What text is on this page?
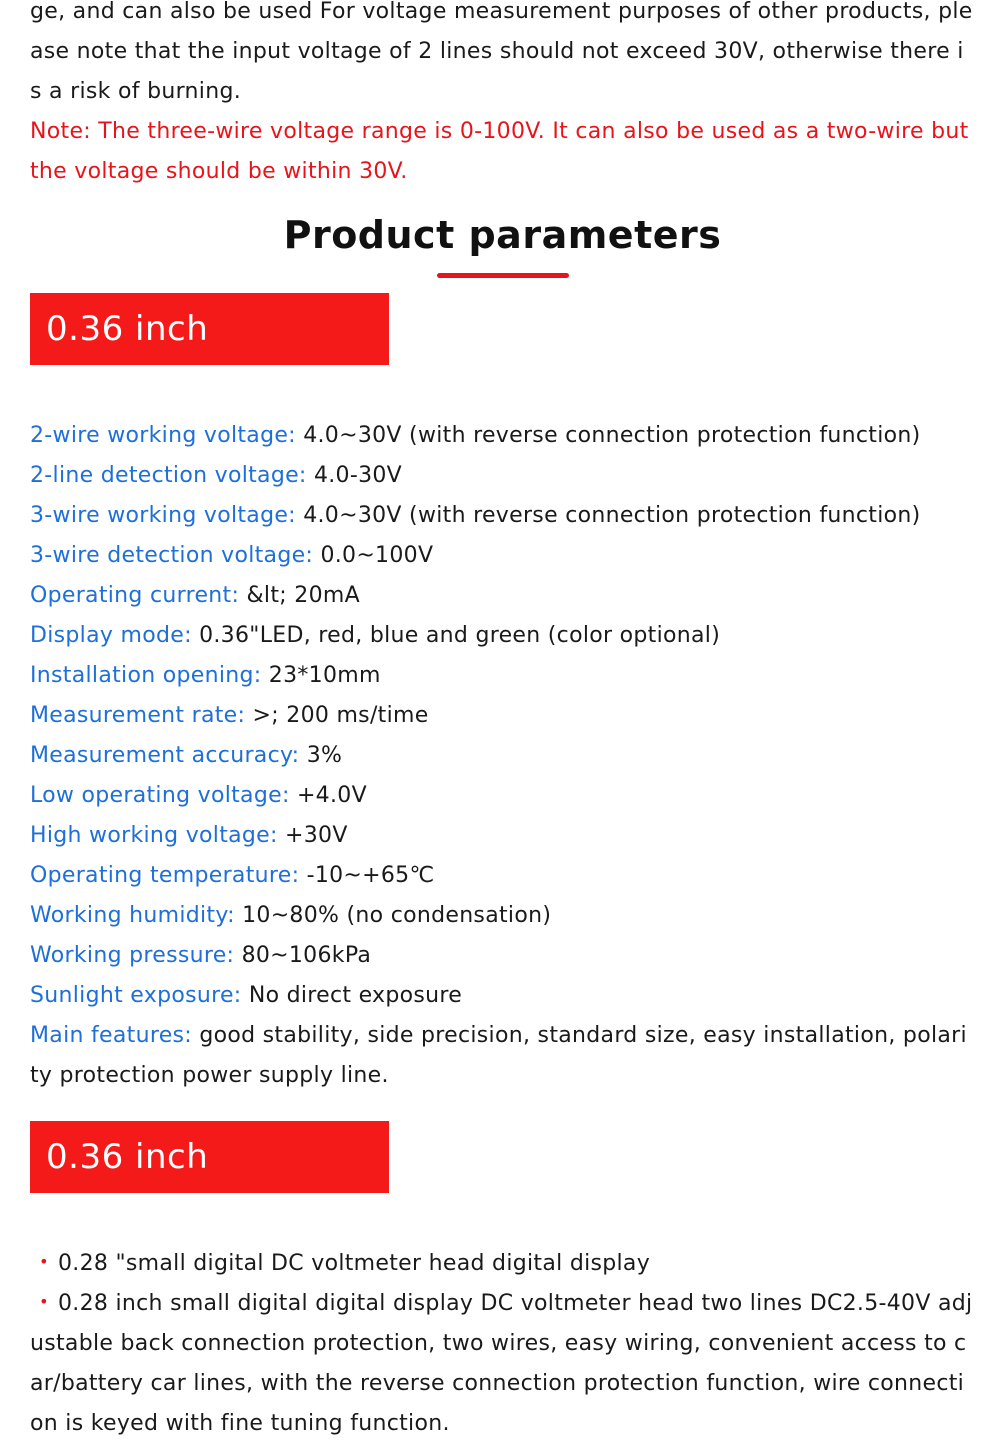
ge, and can also be used For voltage measurement purposes of other products, please note that the input voltage of 2 lines should not exceed 30V, otherwise there is a risk of burning.

Note: The three-wire voltage range is 0-100V. It can also be used as a two-wire but the voltage should be within 30V.

Product parameters
0.36 inch voltmeter
2-wire working voltage: 4.0~30V (with reverse connection protection function)
2-line detection voltage: 4.0-30V
3-wire working voltage: 4.0~30V (with reverse connection protection function)
3-wire detection voltage: 0.0~100V
Operating current: &lt; 20mA
Display mode: 0.36"LED, red, blue and green (color optional)
Installation opening: 23*10mm
Measurement rate: >; 200 ms/time
Measurement accuracy: 3%
Low operating voltage: +4.0V
High working voltage: +30V
Operating temperature: -10~+65℃
Working humidity: 10~80% (no condensation)
Working pressure: 80~106kPa
Sunlight exposure: No direct exposure
Main features: good stability, side precision, standard size, easy installation, polarity protection power supply line.
0.36 inch voltmeter
• 0.28 "small digital DC voltmeter head digital display
• 0.28 inch small digital digital display DC voltmeter head two lines DC2.5-40V adjustable back connection protection, two wires, easy wiring, convenient access to car/battery car lines, with the reverse connection protection function, wire connection is keyed with fine tuning function.
